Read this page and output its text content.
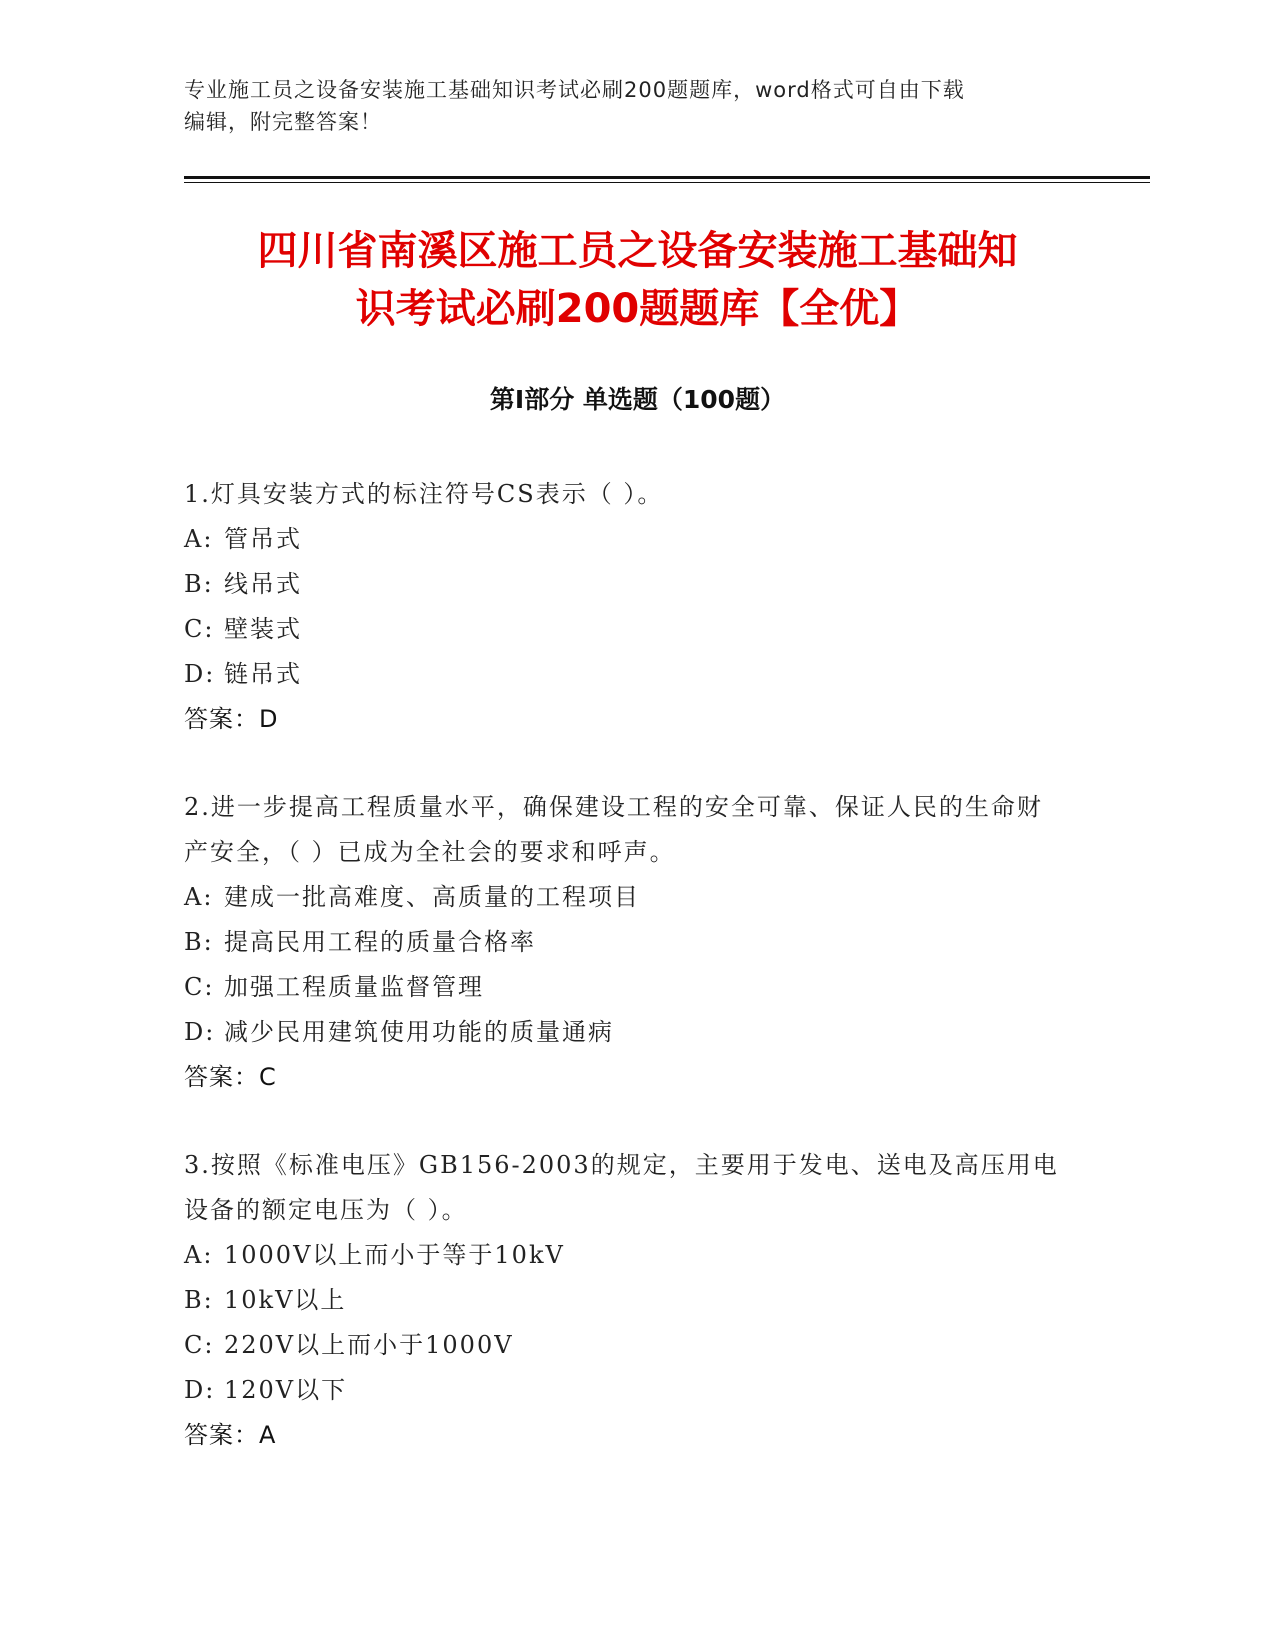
专业施工员之设备安装施工基础知识考试必刷200题题库，word格式可自由下载
编辑，附完整答案！
四川省南溪区施工员之设备安装施工基础知
识考试必刷200题题库【全优】
第Ⅰ部分 单选题（100题）
1.灯具安装方式的标注符号CS表示（ ）。
A: 管吊式
B: 线吊式
C: 壁装式
D: 链吊式
答案：D
2.进一步提高工程质量水平，确保建设工程的安全可靠、保证人民的生命财产安全，（ ）已成为全社会的要求和呼声。
A: 建成一批高难度、高质量的工程项目
B: 提高民用工程的质量合格率
C: 加强工程质量监督管理
D: 减少民用建筑使用功能的质量通病
答案：C
3.按照《标准电压》GB156-2003的规定，主要用于发电、送电及高压用电设备的额定电压为（ ）。
A: 1000V以上而小于等于10kV
B: 10kV以上
C: 220V以上而小于1000V
D: 120V以下
答案：A
